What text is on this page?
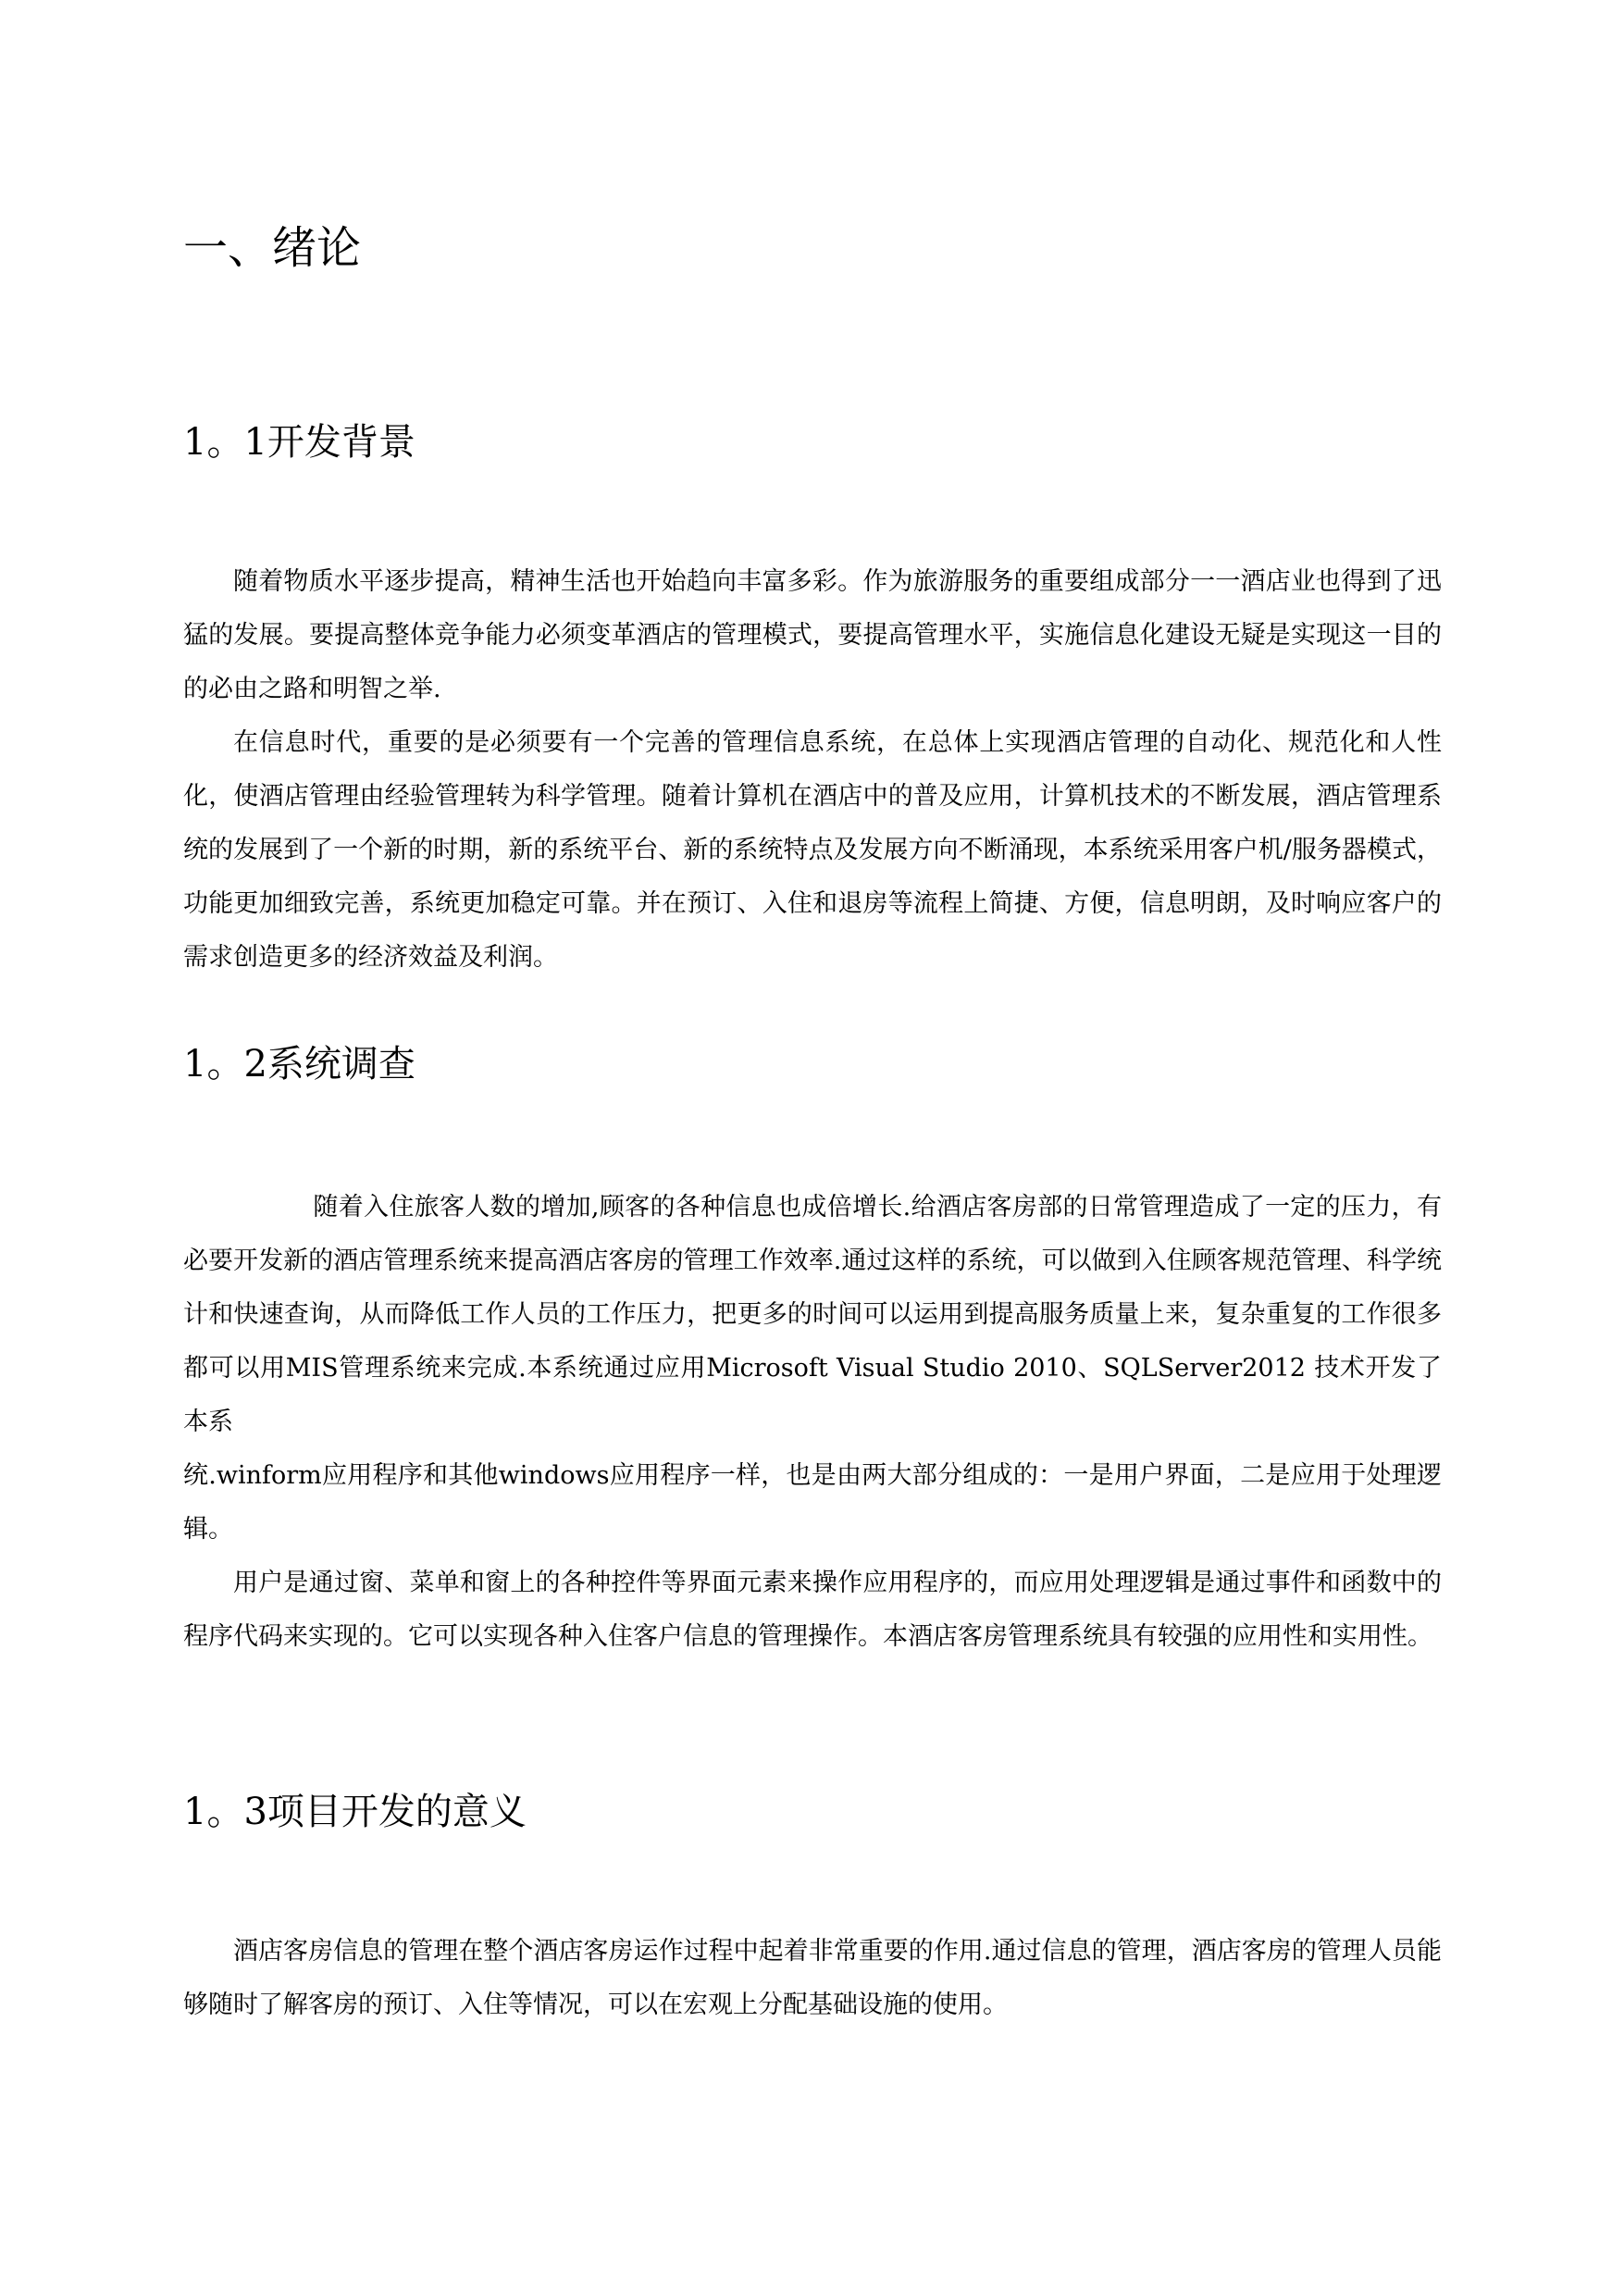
一、绪论
1。1开发背景

随着物质水平逐步提高，精神生活也开始趋向丰富多彩。作为旅游服务的重要组成部分一一酒店业也得到了迅猛的发展。要提高整体竞争能力必须变革酒店的管理模式，要提高管理水平，实施信息化建设无疑是实现这一目的的必由之路和明智之举.

在信息时代，重要的是必须要有一个完善的管理信息系统，在总体上实现酒店管理的自动化、规范化和人性化，使酒店管理由经验管理转为科学管理。随着计算机在酒店中的普及应用，计算机技术的不断发展，酒店管理系统的发展到了一个新的时期，新的系统平台、新的系统特点及发展方向不断涌现，本系统采用客户机/服务器模式，功能更加细致完善，系统更加稳定可靠。并在预订、入住和退房等流程上简捷、方便，信息明朗，及时响应客户的需求创造更多的经济效益及利润。

1。2系统调查

随着入住旅客人数的增加,顾客的各种信息也成倍增长.给酒店客房部的日常管理造成了一定的压力，有必要开发新的酒店管理系统来提高酒店客房的管理工作效率.通过这样的系统，可以做到入住顾客规范管理、科学统计和快速查询，从而降低工作人员的工作压力，把更多的时间可以运用到提高服务质量上来，复杂重复的工作很多都可以用MIS管理系统来完成.本系统通过应用Microsoft Visual Studio 2010、SQLServer2012 技术开发了 本系

统.winform应用程序和其他windows应用程序一样，也是由两大部分组成的：一是用户界面，二是应用于处理逻辑。

用户是通过窗、菜单和窗上的各种控件等界面元素来操作应用程序的，而应用处理逻辑是通过事件和函数中的程序代码来实现的。它可以实现各种入住客户信息的管理操作。本酒店客房管理系统具有较强的应用性和实用性。

1。3项目开发的意义

酒店客房信息的管理在整个酒店客房运作过程中起着非常重要的作用.通过信息的管理，酒店客房的管理人员能够随时了解客房的预订、入住等情况，可以在宏观上分配基础设施的使用。
